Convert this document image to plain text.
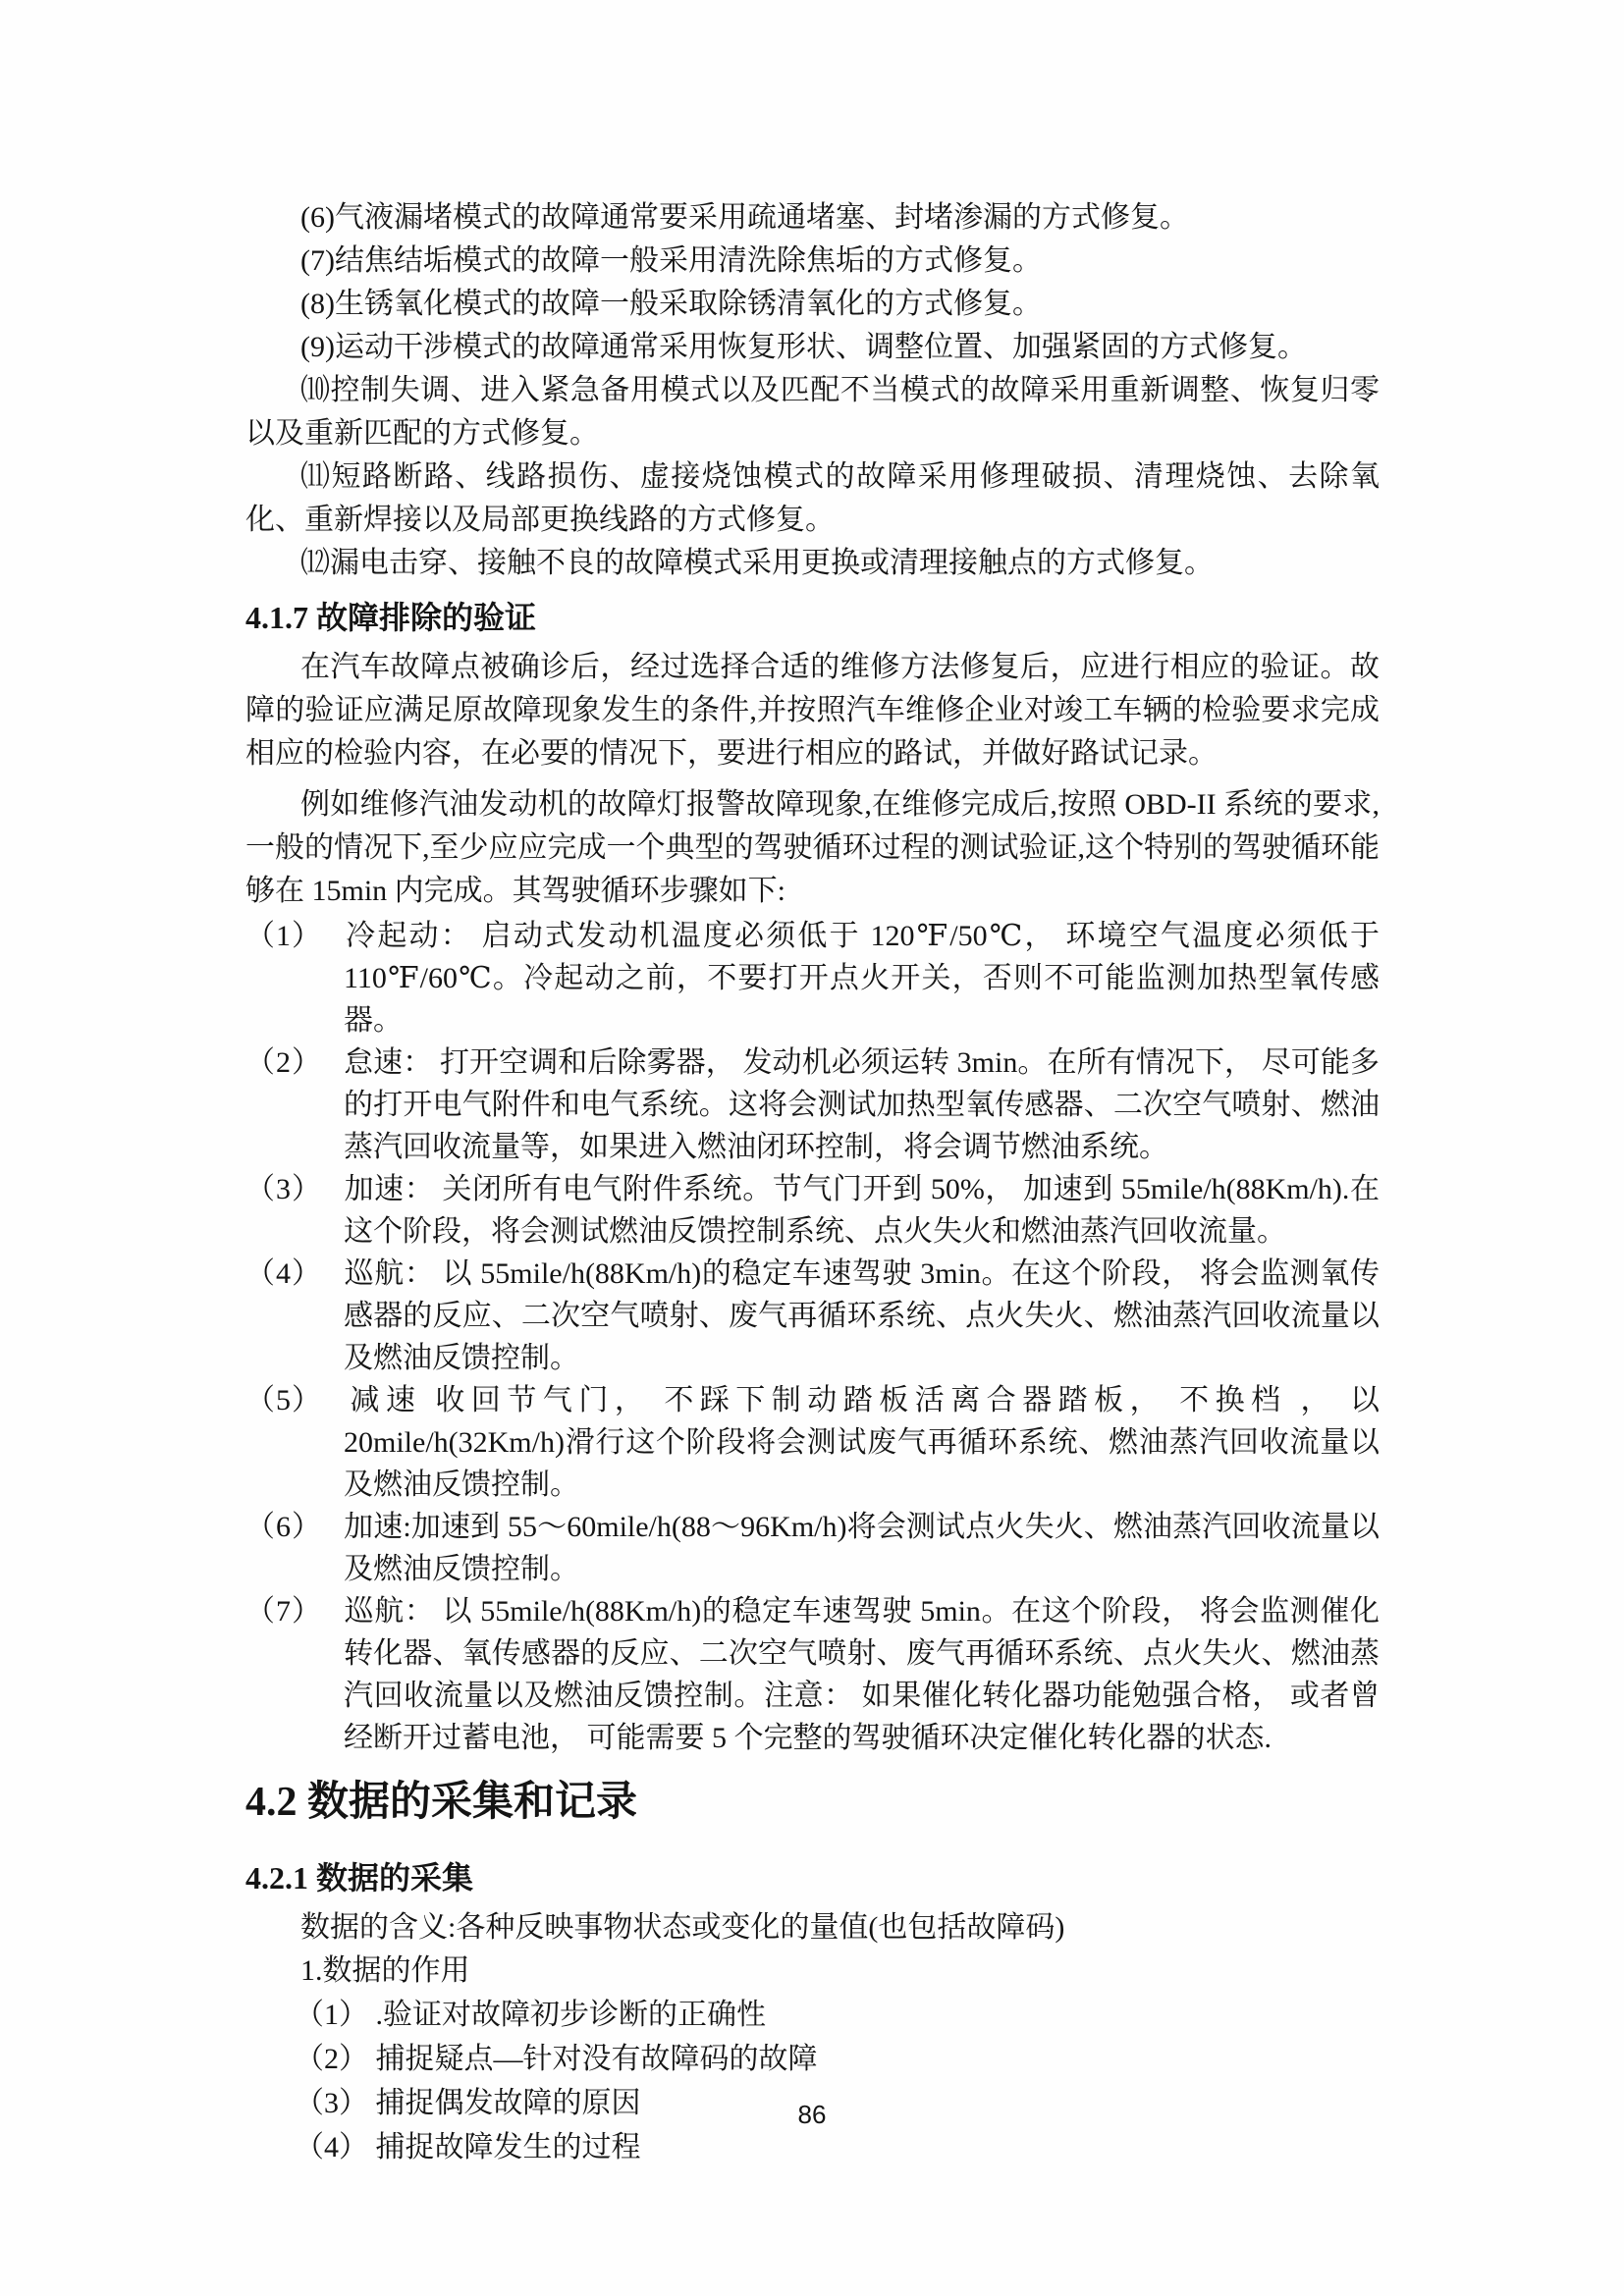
(6)气液漏堵模式的故障通常要采用疏通堵塞、封堵渗漏的方式修复。

(7)结焦结垢模式的故障一般采用清洗除焦垢的方式修复。

(8)生锈氧化模式的故障一般采取除锈清氧化的方式修复。

(9)运动干涉模式的故障通常采用恢复形状、调整位置、加强紧固的方式修复。

⑽控制失调、进入紧急备用模式以及匹配不当模式的故障采用重新调整、恢复归零以及重新匹配的方式修复。

⑾短路断路、线路损伤、虚接烧蚀模式的故障采用修理破损、清理烧蚀、去除氧化、重新焊接以及局部更换线路的方式修复。

⑿漏电击穿、接触不良的故障模式采用更换或清理接触点的方式修复。

4.1.7 故障排除的验证

在汽车故障点被确诊后，经过选择合适的维修方法修复后，应进行相应的验证。故障的验证应满足原故障现象发生的条件,并按照汽车维修企业对竣工车辆的检验要求完成相应的检验内容，在必要的情况下，要进行相应的路试，并做好路试记录。

例如维修汽油发动机的故障灯报警故障现象,在维修完成后,按照 OBD-II 系统的要求,一般的情况下,至少应应完成一个典型的驾驶循环过程的测试验证,这个特别的驾驶循环能够在 15min 内完成。其驾驶循环步骤如下:

（1） 冷起动： 启动式发动机温度必须低于 120℉/50℃， 环境空气温度必须低于 110℉/60℃。冷起动之前，不要打开点火开关，否则不可能监测加热型氧传感器。
（2） 怠速： 打开空调和后除雾器， 发动机必须运转 3min。在所有情况下， 尽可能多的打开电气附件和电气系统。这将会测试加热型氧传感器、二次空气喷射、燃油蒸汽回收流量等，如果进入燃油闭环控制，将会调节燃油系统。
（3） 加速： 关闭所有电气附件系统。节气门开到 50%， 加速到 55mile/h(88Km/h).在这个阶段，将会测试燃油反馈控制系统、点火失火和燃油蒸汽回收流量。
（4） 巡航： 以 55mile/h(88Km/h)的稳定车速驾驶 3min。在这个阶段， 将会监测氧传感器的反应、二次空气喷射、废气再循环系统、点火失火、燃油蒸汽回收流量以及燃油反馈控制。
（5） 减速 收回节气门， 不踩下制动踏板活离合器踏板， 不换档 ， 以 20mile/h(32Km/h)滑行这个阶段将会测试废气再循环系统、燃油蒸汽回收流量以及燃油反馈控制。
（6） 加速:加速到 55～60mile/h(88～96Km/h)将会测试点火失火、燃油蒸汽回收流量以及燃油反馈控制。
（7） 巡航： 以 55mile/h(88Km/h)的稳定车速驾驶 5min。在这个阶段， 将会监测催化转化器、氧传感器的反应、二次空气喷射、废气再循环系统、点火失火、燃油蒸汽回收流量以及燃油反馈控制。注意： 如果催化转化器功能勉强合格， 或者曾经断开过蓄电池， 可能需要 5 个完整的驾驶循环决定催化转化器的状态.
4.2 数据的采集和记录
4.2.1 数据的采集

数据的含义:各种反映事物状态或变化的量值(也包括故障码)

1.数据的作用

（1） .验证对故障初步诊断的正确性

（2） 捕捉疑点—针对没有故障码的故障

（3） 捕捉偶发故障的原因

（4） 捕捉故障发生的过程

86
